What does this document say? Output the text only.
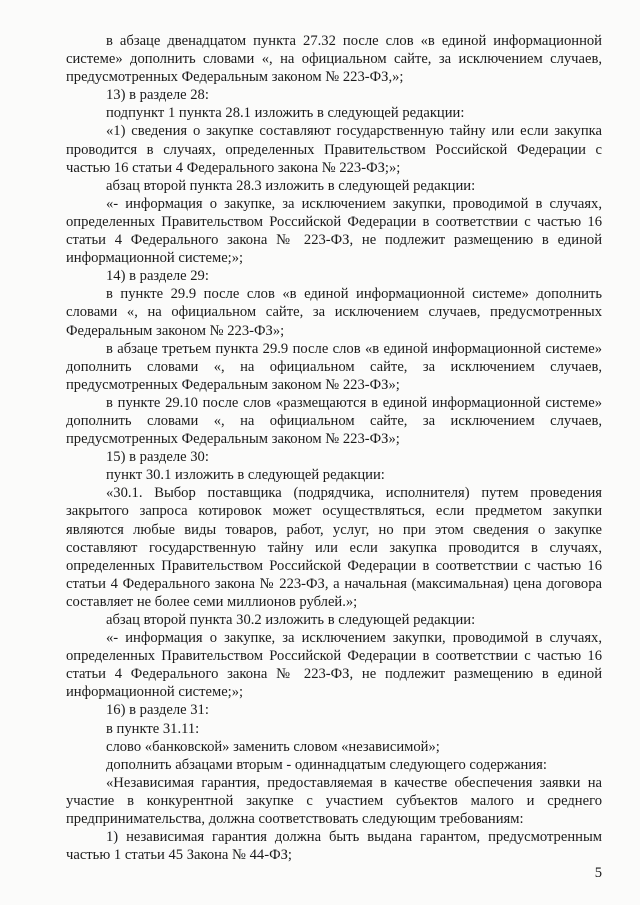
в абзаце двенадцатом пункта 27.32 после слов «в единой информационной системе» дополнить словами «, на официальном сайте, за исключением случаев, предусмотренных Федеральным законом № 223-ФЗ,»;

13) в разделе 28:

подпункт 1 пункта 28.1 изложить в следующей редакции:

«1) сведения о закупке составляют государственную тайну или если закупка проводится в случаях, определенных Правительством Российской Федерации с частью 16 статьи 4 Федерального закона № 223-ФЗ;»;

абзац второй пункта 28.3 изложить в следующей редакции:

«- информация о закупке, за исключением закупки, проводимой в случаях, определенных Правительством Российской Федерации в соответствии с частью 16 статьи 4 Федерального закона № 223-ФЗ, не подлежит размещению в единой информационной системе;»;

14) в разделе 29:

в пункте 29.9 после слов «в единой информационной системе» дополнить словами «, на официальном сайте, за исключением случаев, предусмотренных Федеральным законом № 223-ФЗ»;

в абзаце третьем пункта 29.9 после слов «в единой информационной системе» дополнить словами «, на официальном сайте, за исключением случаев, предусмотренных Федеральным законом № 223-ФЗ»;

в пункте 29.10 после слов «размещаются в единой информационной системе» дополнить словами «, на официальном сайте, за исключением случаев, предусмотренных Федеральным законом № 223-ФЗ»;

15) в разделе 30:

пункт 30.1 изложить в следующей редакции:

«30.1. Выбор поставщика (подрядчика, исполнителя) путем проведения закрытого запроса котировок может осуществляться, если предметом закупки являются любые виды товаров, работ, услуг, но при этом сведения о закупке составляют государственную тайну или если закупка проводится в случаях, определенных Правительством Российской Федерации в соответствии с частью 16 статьи 4 Федерального закона № 223-ФЗ, а начальная (максимальная) цена договора составляет не более семи миллионов рублей.»;

абзац второй пункта 30.2 изложить в следующей редакции:

«- информация о закупке, за исключением закупки, проводимой в случаях, определенных Правительством Российской Федерации в соответствии с частью 16 статьи 4 Федерального закона № 223-ФЗ, не подлежит размещению в единой информационной системе;»;

16) в разделе 31:

в пункте 31.11:

слово «банковской» заменить словом «независимой»;

дополнить абзацами вторым - одиннадцатым следующего содержания:

«Независимая гарантия, предоставляемая в качестве обеспечения заявки на участие в конкурентной закупке с участием субъектов малого и среднего предпринимательства, должна соответствовать следующим требованиям:

1) независимая гарантия должна быть выдана гарантом, предусмотренным частью 1 статьи 45 Закона № 44-ФЗ;

5
